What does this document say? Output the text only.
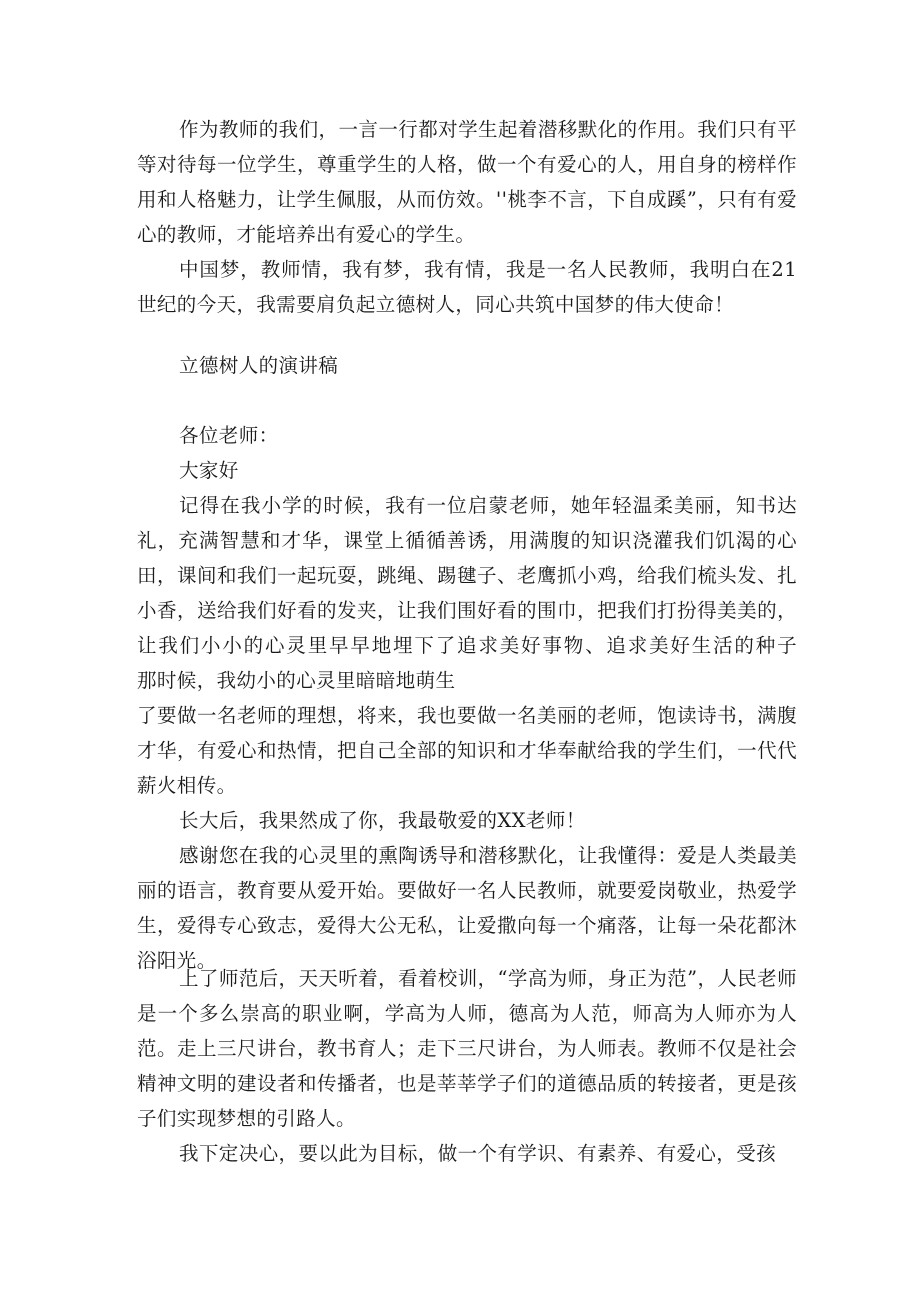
作为教师的我们，一言一行都对学生起着潜移默化的作用。我们只有平等对待每一位学生，尊重学生的人格，做一个有爱心的人，用自身的榜样作用和人格魅力，让学生佩服，从而仿效。''桃李不言，下自成蹊”，只有有爱心的教师，才能培养出有爱心的学生。

中国梦，教师情，我有梦，我有情，我是一名人民教师，我明白在21世纪的今天，我需要肩负起立德树人，同心共筑中国梦的伟大使命！

立德树人的演讲稿

各位老师：

大家好

记得在我小学的时候，我有一位启蒙老师，她年轻温柔美丽，知书达礼，充满智慧和才华，课堂上循循善诱，用满腹的知识浇灌我们饥渴的心田，课间和我们一起玩耍，跳绳、踢毽子、老鹰抓小鸡，给我们梳头发、扎小香，送给我们好看的发夹，让我们围好看的围巾，把我们打扮得美美的，让我们小小的心灵里早早地埋下了追求美好事物、追求美好生活的种子　　那时候，我幼小的心灵里暗暗地萌生

了要做一名老师的理想，将来，我也要做一名美丽的老师，饱读诗书，满腹才华，有爱心和热情，把自己全部的知识和才华奉献给我的学生们，一代代薪火相传。

长大后，我果然成了你，我最敬爱的XX老师！

感谢您在我的心灵里的熏陶诱导和潜移默化，让我懂得：爱是人类最美丽的语言，教育要从爱开始。要做好一名人民教师，就要爱岗敬业，热爱学生，爱得专心致志，爱得大公无私，让爱撒向每一个痛落，让每一朵花都沐浴阳光。

上了师范后，天天听着，看着校训，“学高为师，身正为范”，人民老师是一个多么崇高的职业啊，学高为人师，德高为人范，师高为人师亦为人范。走上三尺讲台，教书育人；走下三尺讲台，为人师表。教师不仅是社会精神文明的建设者和传播者，也是莘莘学子们的道德品质的转接者，更是孩子们实现梦想的引路人。

我下定决心，要以此为目标，做一个有学识、有素养、有爱心，受孩
